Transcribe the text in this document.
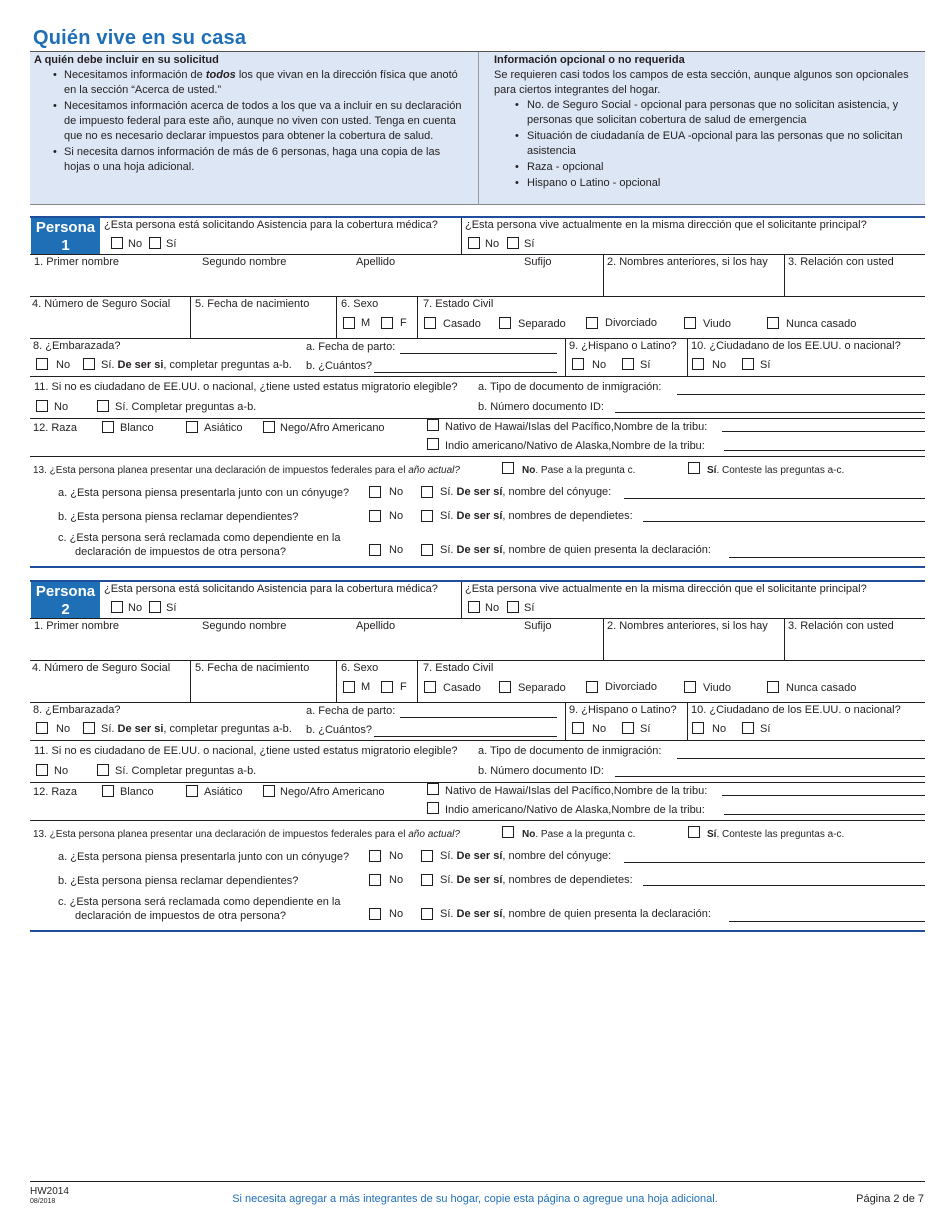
Quién vive en su casa
A quién debe incluir en su solicitud
• Necesitamos información de todos los que vivan en la dirección física que anotó en la sección “Acerca de usted.”
• Necesitamos información acerca de todos a los que va a incluir en su declaración de impuesto federal para este año, aunque no viven con usted. Tenga en cuenta que no es necesario declarar impuestos para obtener la cobertura de salud.
• Si necesita darnos información de más de 6 personas, haga una copia de las hojas o una hoja adicional.
Información opcional o no requerida

Se requieren casi todos los campos de esta sección, aunque algunos son opcionales para ciertos integrantes del hogar.

• No. de Seguro Social - opcional para personas que no solicitan asistencia, y personas que solicitan cobertura de salud de emergencia
• Situación de ciudadanía de EUA -opcional para las personas que no solicitan asistencia
• Raza - opcional
• Hispano o Latino - opcional
Persona
1
¿Esta persona está solicitando Asistencia para la cobertura médica?
No Sí
¿Esta persona vive actualmente en la misma dirección que el solicitante principal?
No Sí
1. Primer nombre	Segundo nombre	Apellido	Sufijo	2. Nombres anteriores, si los hay 3. Relación con usted
4. Número de Seguro Social 5. Fecha de nacimiento	6. Sexo
M	F
7. Estado Civil
Casado	Separado	Divorciado	Viudo	Nunca casado
8. ¿Embarazada?
No	Sí. De ser si, completar preguntas a-b.
a. Fecha de parto:
b. ¿Cuántos?
9. ¿Hispano o Latino?
No	Sí
10. ¿Ciudadano de los EE.UU. o nacional?
No	Sí
11. Si no es ciudadano de EE.UU. o nacional, ¿tiene usted estatus migratorio elegible?
No	Sí. Completar preguntas a-b.
a. Tipo de documento de inmigración:
b. Número documento ID:
12. Raza	Blanco	Asiático	Nego/Afro Americano	Nativo de Hawai/Islas del Pacífico,Nombre de la tribu:
Indio americano/Nativo de Alaska,Nombre de la tribu:
13. ¿Esta persona planea presentar una declaración de impuestos federales para el año actual?	No. Pase a la pregunta c.	Sí. Conteste las preguntas a-c.
a. ¿Esta persona piensa presentarla junto con un cónyuge?	No	Sí. De ser sí, nombre del cónyuge:
b. ¿Esta persona piensa reclamar dependientes?	No	Sí. De ser sí, nombres de dependietes:
c. ¿Esta persona será reclamada como dependiente en la
declaración de impuestos de otra persona?	No	Sí. De ser sí, nombre de quien presenta la declaración:
Persona
2
¿Esta persona está solicitando Asistencia para la cobertura médica?
No Sí
¿Esta persona vive actualmente en la misma dirección que el solicitante principal?
No Sí
1. Primer nombre	Segundo nombre	Apellido	Sufijo	2. Nombres anteriores, si los hay 3. Relación con usted
4. Número de Seguro Social 5. Fecha de nacimiento	6. Sexo
M	F
7. Estado Civil
Casado	Separado	Divorciado	Viudo	Nunca casado
8. ¿Embarazada?
No	Sí. De ser si, completar preguntas a-b.
a. Fecha de parto:
b. ¿Cuántos?
9. ¿Hispano o Latino?
No	Sí
10. ¿Ciudadano de los EE.UU. o nacional?
No	Sí
11. Si no es ciudadano de EE.UU. o nacional, ¿tiene usted estatus migratorio elegible?
No	Sí. Completar preguntas a-b.
a. Tipo de documento de inmigración:
b. Número documento ID:
12. Raza	Blanco	Asiático	Nego/Afro Americano	Nativo de Hawai/Islas del Pacífico,Nombre de la tribu:
Indio americano/Nativo de Alaska,Nombre de la tribu:
13. ¿Esta persona planea presentar una declaración de impuestos federales para el año actual?	No. Pase a la pregunta c.	Sí. Conteste las preguntas a-c.
a. ¿Esta persona piensa presentarla junto con un cónyuge?	No	Sí. De ser sí, nombre del cónyuge:
b. ¿Esta persona piensa reclamar dependientes?	No	Sí. De ser sí, nombres de dependietes:
c. ¿Esta persona será reclamada como dependiente en la
declaración de impuestos de otra persona?	No	Sí. De ser sí, nombre de quien presenta la declaración:
HW2014
08/2018	Si necesita agregar a más integrantes de su hogar, copie esta página o agregue una hoja adicional.	Página 2 de 7
